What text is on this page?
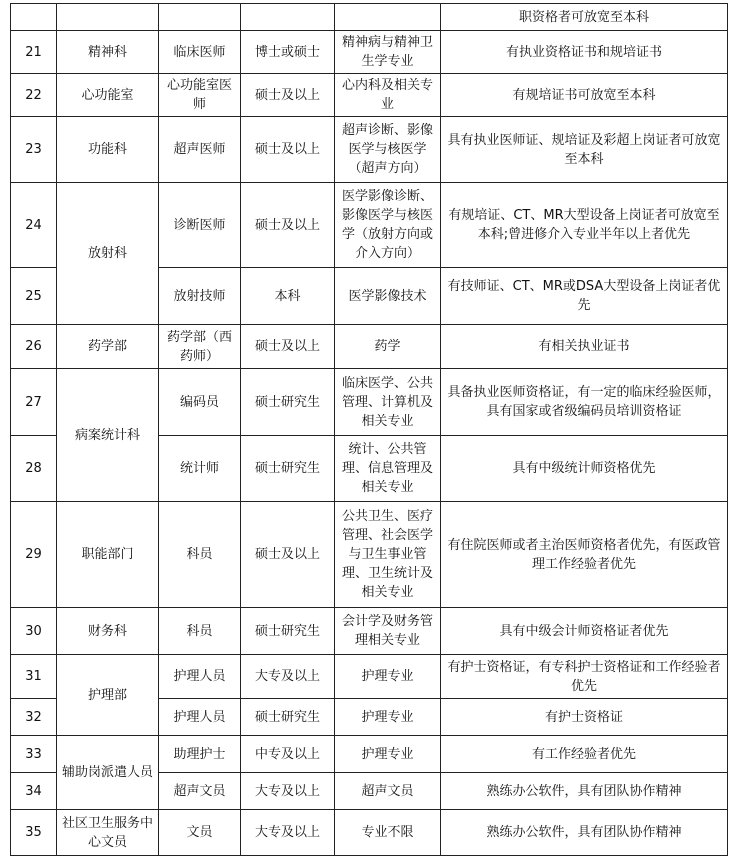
					职资格者可放宽至本科
21	精神科	临床医师	博士或硕士	精神病与精神卫生学专业	有执业资格证书和规培证书
22	心功能室	心功能室医师	硕士及以上	心内科及相关专业	有规培证书可放宽至本科
23	功能科	超声医师	硕士及以上	超声诊断、影像医学与核医学（超声方向）	具有执业医师证、规培证及彩超上岗证者可放宽至本科
24	放射科	诊断医师	硕士及以上	医学影像诊断、影像医学与核医学（放射方向或介入方向）	有规培证、CT、MR大型设备上岗证者可放宽至本科;曾进修介入专业半年以上者优先
25		放射技师	本科	医学影像技术	有技师证、CT、MR或DSA大型设备上岗证者优先
26	药学部	药学部（西药师）	硕士及以上	药学	有相关执业证书
27	病案统计科	编码员	硕士研究生	临床医学、公共管理、计算机及相关专业	具备执业医师资格证，有一定的临床经验医师，具有国家或省级编码员培训资格证
28		统计师	硕士研究生	统计、公共管理、信息管理及相关专业	具有中级统计师资格优先
29	职能部门	科员	硕士及以上	公共卫生、医疗管理、社会医学与卫生事业管理、卫生统计及相关专业	有住院医师或者主治医师资格者优先，有医政管理工作经验者优先
30	财务科	科员	硕士研究生	会计学及财务管理相关专业	具有中级会计师资格证者优先
31	护理部	护理人员	大专及以上	护理专业	有护士资格证，有专科护士资格证和工作经验者优先
32		护理人员	硕士研究生	护理专业	有护士资格证
33	辅助岗派遣人员	助理护士	中专及以上	护理专业	有工作经验者优先
34		超声文员	大专及以上	超声文员	熟练办公软件，具有团队协作精神
35	社区卫生服务中心文员	文员	大专及以上	专业不限	熟练办公软件，具有团队协作精神
